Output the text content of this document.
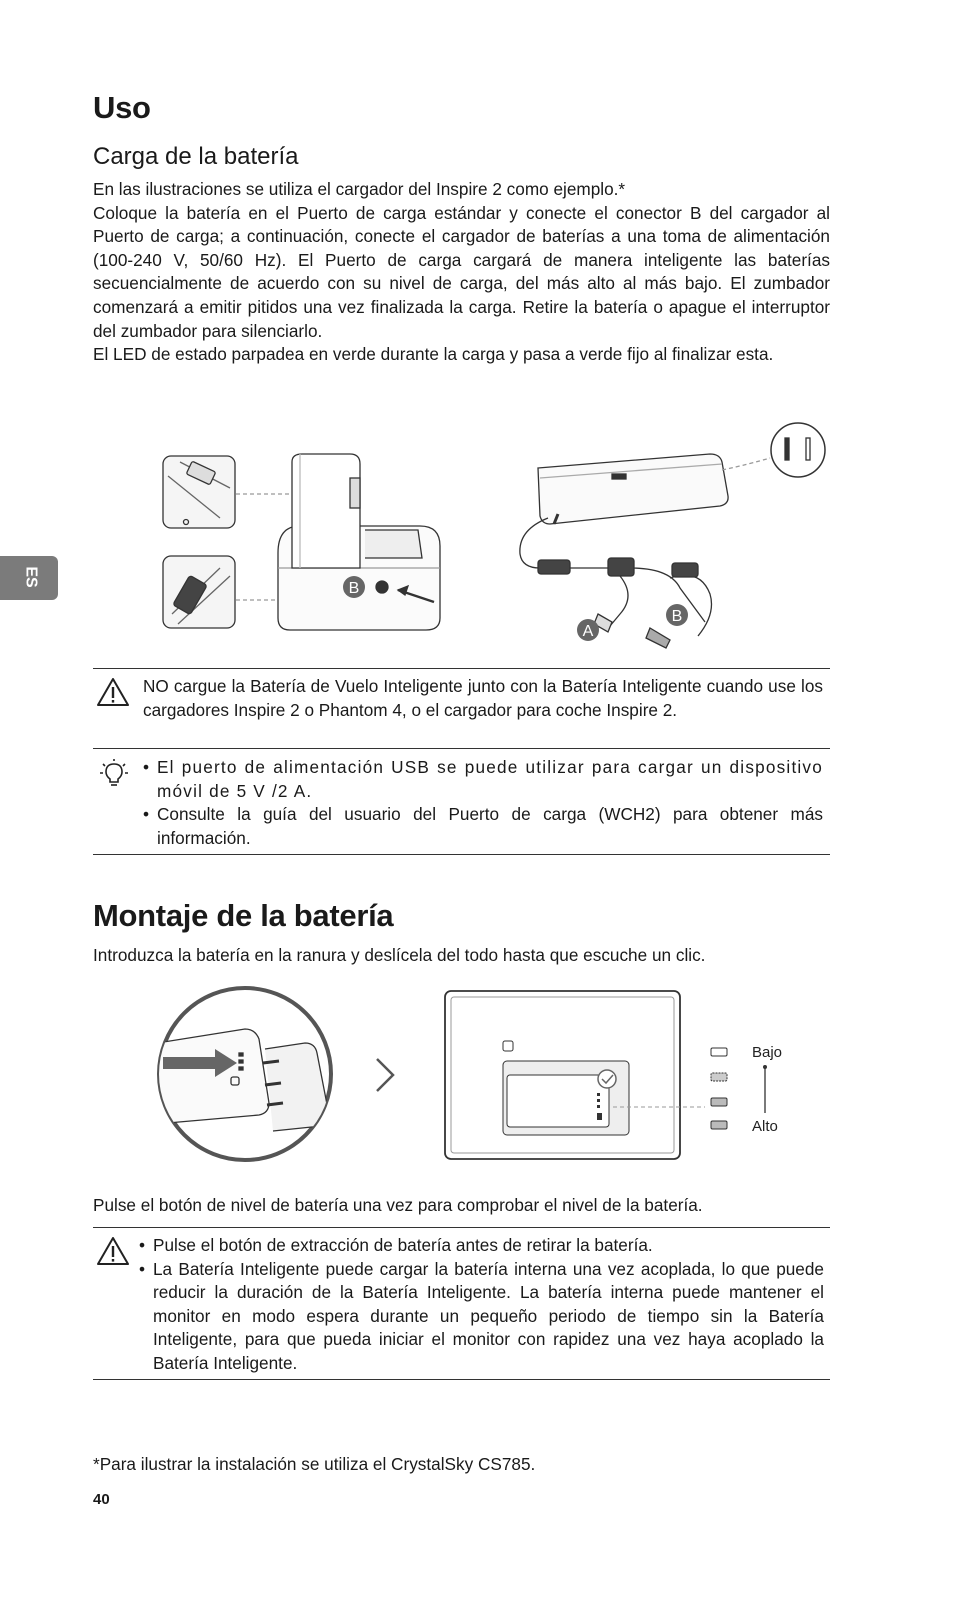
ES
Uso
Carga de la batería

En las ilustraciones se utiliza el cargador del Inspire 2 como ejemplo.*

Coloque la batería en el Puerto de carga estándar y conecte el conector B del cargador al Puerto de carga; a continuación, conecte el cargador de baterías a una toma de alimentación (100-240 V, 50/60 Hz). El Puerto de carga cargará de manera inteligente las baterías secuencialmente de acuerdo con su nivel de carga, del más alto al más bajo. El zumbador comenzará a emitir pitidos una vez finalizada la carga. Retire la batería o apague el interruptor del zumbador para silenciarlo.

El LED de estado parpadea en verde durante la carga y pasa a verde fijo al finalizar esta.

B
A
B
NO cargue la Batería de Vuelo Inteligente junto con la Batería Inteligente cuando use los cargadores Inspire 2 o Phantom 4, o el cargador para coche Inspire 2.
• El puerto de alimentación USB se puede utilizar para cargar un dispositivo móvil de 5 V /2 A.
• Consulte la guía del usuario del Puerto de carga (WCH2) para obtener más información.
Montaje de la batería

Introduzca la batería en la ranura y deslícela del todo hasta que escuche un clic.

Bajo
Alto

Pulse el botón de nivel de batería una vez para comprobar el nivel de la batería.

• Pulse el botón de extracción de batería antes de retirar la batería.
• La Batería Inteligente puede cargar la batería interna una vez acoplada, lo que puede reducir la duración de la Batería Inteligente. La batería interna puede mantener el monitor en modo espera durante un pequeño periodo de tiempo sin la Batería Inteligente, para que pueda iniciar el monitor con rapidez una vez haya acoplado la Batería Inteligente.

*Para ilustrar la instalación se utiliza el CrystalSky CS785.

40
